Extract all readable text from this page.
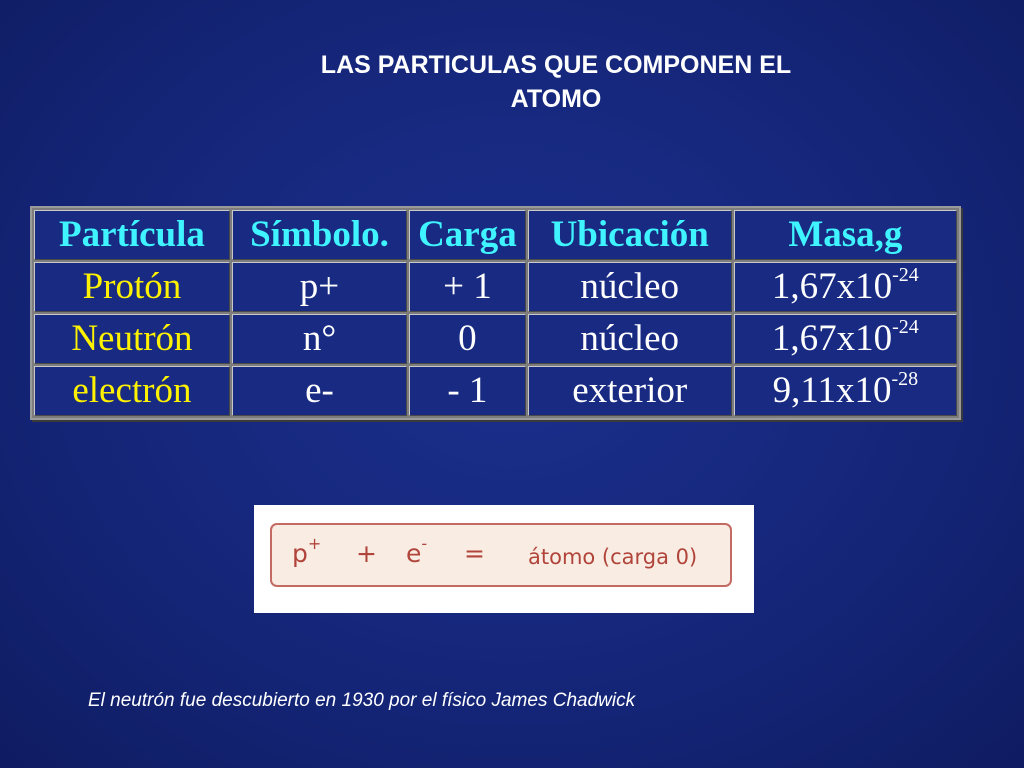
LAS PARTICULAS QUE COMPONEN EL
ATOMO
Partícula	Símbolo.	Carga	Ubicación	Masa,g
Protón	p+	+ 1	núcleo	$1,67x10^{-24}$
Neutrón	n°	0	núcleo	$1,67x10^{-24}$
electrón	e-	- 1	exterior	$9,11x10^{-28}$
p+ + e- = átomo (carga 0)
El neutrón fue descubierto en 1930 por el físico James Chadwick
